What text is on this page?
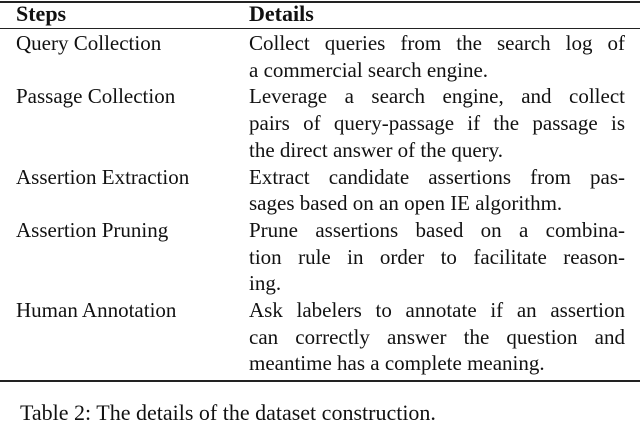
Steps	Details
Query Collection	Collect queries from the search log of
a commercial search engine.
Passage Collection	Leverage a search engine, and collect
pairs of query-passage if the passage is
the direct answer of the query.
Assertion Extraction	Extract candidate assertions from pas-
sages based on an open IE algorithm.
Assertion Pruning	Prune assertions based on a combina-
tion rule in order to facilitate reason-
ing.
Human Annotation	Ask labelers to annotate if an assertion
can correctly answer the question and
meantime has a complete meaning.
Table 2: The details of the dataset construction.
